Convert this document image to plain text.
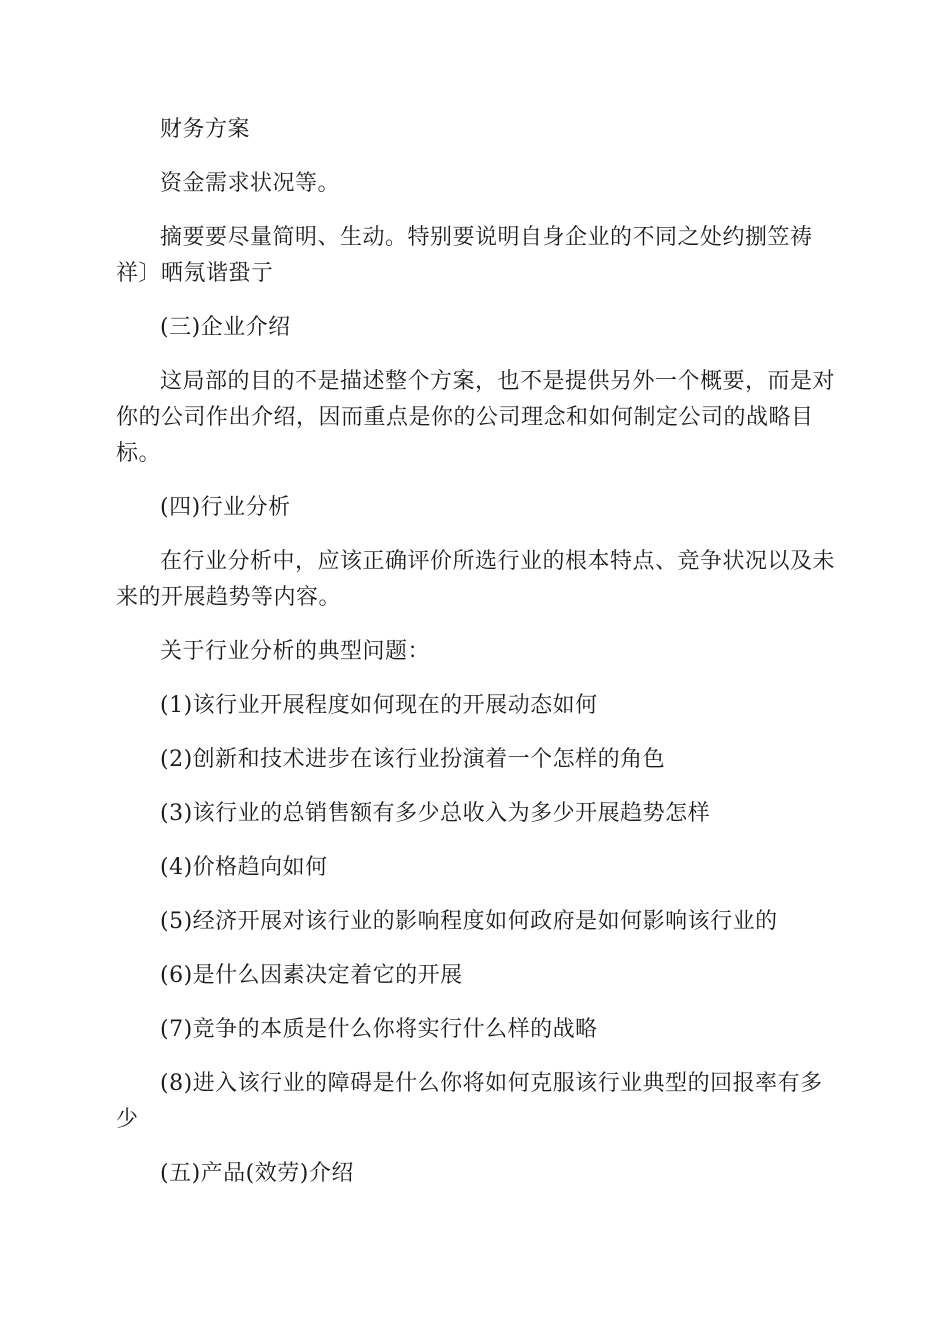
财务方案

资金需求状况等。

摘要要尽量简明、生动。特别要说明自身企业的不同之处约捌笠祷祥〕晒氖谐蛩亍

(三)企业介绍

这局部的目的不是描述整个方案，也不是提供另外一个概要，而是对你的公司作出介绍，因而重点是你的公司理念和如何制定公司的战略目标。

(四)行业分析

在行业分析中，应该正确评价所选行业的根本特点、竞争状况以及未来的开展趋势等内容。

关于行业分析的典型问题：

(1)该行业开展程度如何现在的开展动态如何

(2)创新和技术进步在该行业扮演着一个怎样的角色

(3)该行业的总销售额有多少总收入为多少开展趋势怎样

(4)价格趋向如何

(5)经济开展对该行业的影响程度如何政府是如何影响该行业的

(6)是什么因素决定着它的开展

(7)竞争的本质是什么你将实行什么样的战略

(8)进入该行业的障碍是什么你将如何克服该行业典型的回报率有多少

(五)产品(效劳)介绍
